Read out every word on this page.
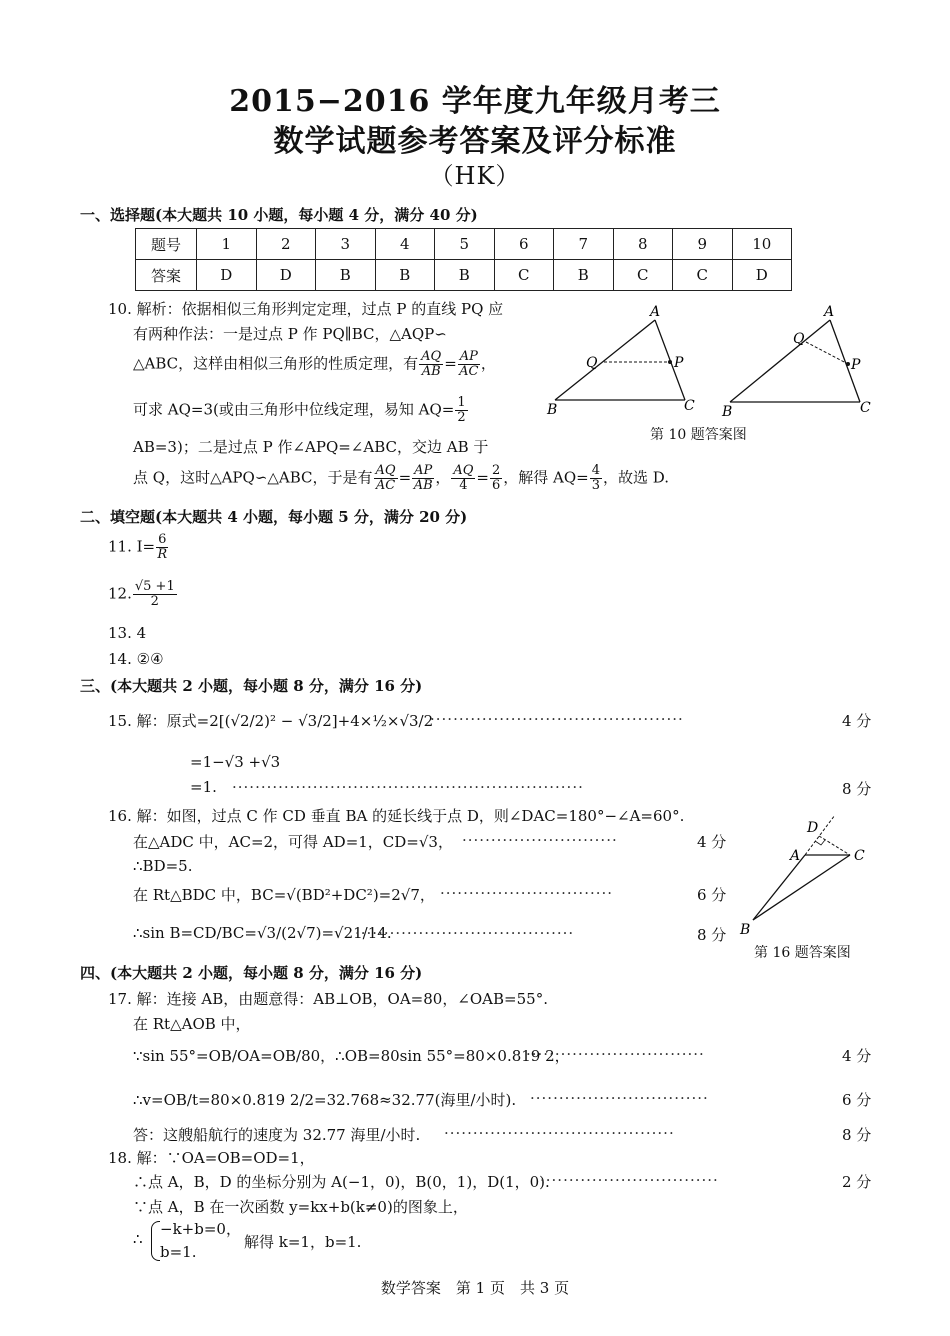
2015−2016 学年度九年级月考三
数学试题参考答案及评分标准
（HK）
一、选择题(本大题共 10 小题，每小题 4 分，满分 40 分)
题号	1	2	3	4	5	6	7	8	9	10
答案	D	D	B	B	B	C	B	C	C	D
10. 解析：依据相似三角形判定定理，过点 P 的直线 PQ 应
有两种作法：一是过点 P 作 PQ∥BC，△AQP∽
△ABC，这样由相似三角形的性质定理，有 $\frac{AQ}{AB} = \frac{AP}{AC}$ ，
可求 AQ=3(或由三角形中位线定理，易知 $AQ= \frac{1}{2}$
AB=3)；二是过点 P 作∠APQ=∠ABC，交边 AB 于
点 Q，这时△APQ∽△ABC，于是有 $\frac{AQ}{AC} = \frac{AP}{AB}$ ， $\frac{AQ}{4} = \frac{2}{6}$ ，解得 $AQ= \frac{4}{3}$ ，故选 D.
A
Q	P
B	C
A
Q
P
B	C
第 10 题答案图
二、填空题(本大题共 4 小题，每小题 5 分，满分 20 分)
11. $I= \frac{6}{R}$
12. $\frac{√5 +1}{2}$
13. 4
14. ②④
三、(本大题共 2 小题，每小题 8 分，满分 16 分)
15. 解：原式=2[(√2/2)² − √3/2]+4×½×√3/2
············································	4 分
=1−√3 +√3
=1. ·····························································	8 分
16. 解：如图，过点 C 作 CD 垂直 BA 的延长线于点 D，则∠DAC=180°−∠A=60°.
在△ADC 中，AC=2，可得 AD=1，CD=√3， ···························	4 分
∴BD=5.
在 Rt△BDC 中，BC=√(BD²+DC²)=2√7， ······························	6 分
∴sin B=CD/BC=√3/(2√7)=√21/14.
······································	8 分
D
A	C
B
第 16 题答案图
四、(本大题共 2 小题，每小题 8 分，满分 16 分)
17. 解：连接 AB，由题意得：AB⊥OB，OA=80，∠OAB=55°.
在 Rt△AOB 中，
∵sin 55°=OB/OA=OB/80，∴OB=80sin 55°=80×0.819 2，
·······························	4 分
∴v=OB/t=80×0.819 2/2=32.768≈32.77(海里/小时). ·······························	6 分
答：这艘船航行的速度为 32.77 海里/小时. ········································	8 分
18. 解：∵OA=OB=OD=1，
∴点 A，B，D 的坐标分别为 A(−1，0)，B(0，1)，D(1，0).
·······························	2 分
∵点 A，B 在一次函数 y=kx+b(k≠0)的图象上，
∴
−k+b=0，
b=1.
解得 k=1，b=1.
数学答案　第 1 页　共 3 页
